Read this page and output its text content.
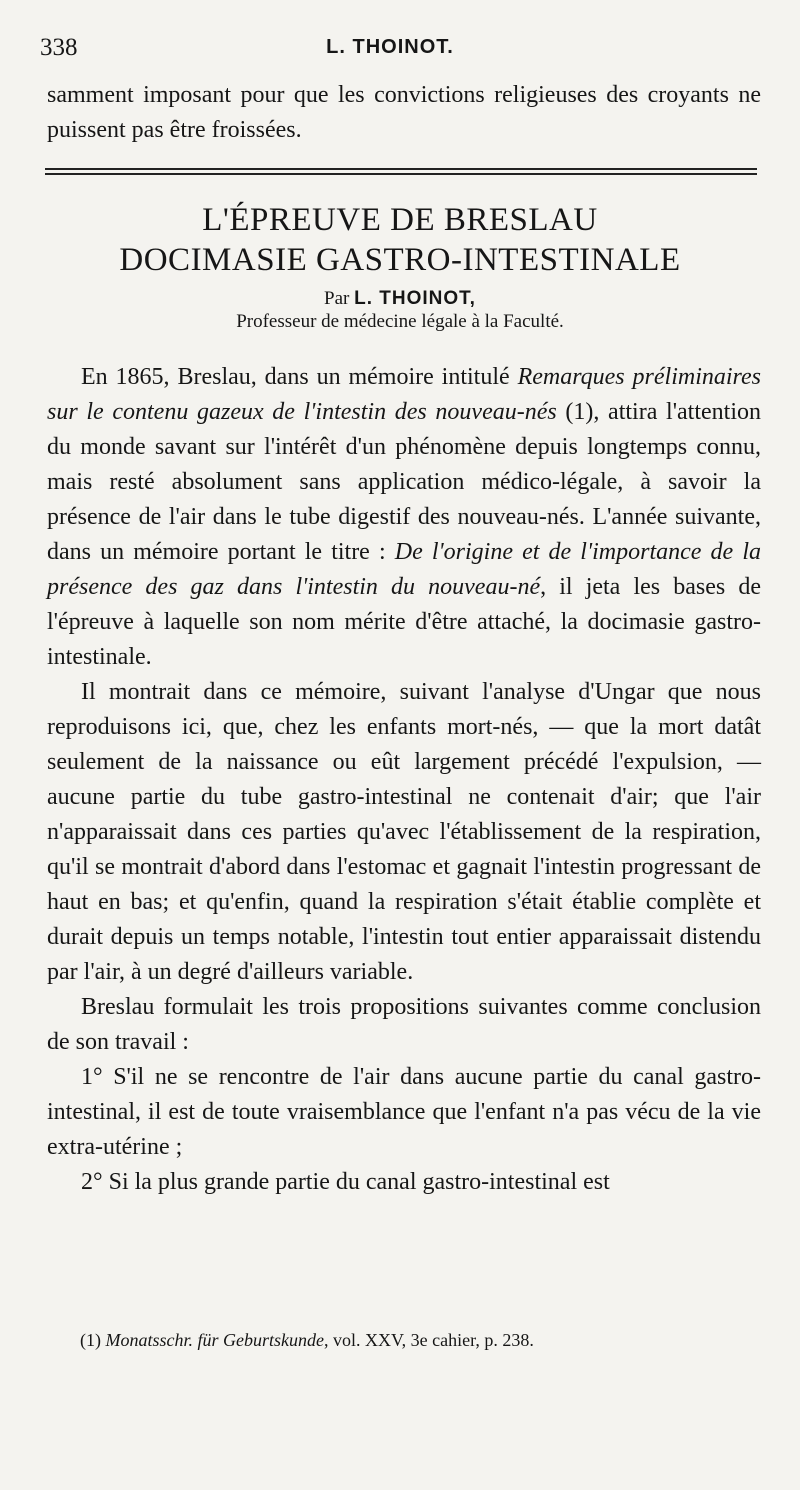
338	L. THOINOT.
samment imposant pour que les convictions religieuses des croyants ne puissent pas être froissées.
L'ÉPREUVE DE BRESLAU
DOCIMASIE GASTRO-INTESTINALE
Par L. THOINOT,
Professeur de médecine légale à la Faculté.

En 1865, Breslau, dans un mémoire intitulé Remarques préliminaires sur le contenu gazeux de l'intestin des nouveau-nés (1), attira l'attention du monde savant sur l'intérêt d'un phénomène depuis longtemps connu, mais resté absolument sans application médico-légale, à savoir la présence de l'air dans le tube digestif des nouveau-nés. L'année suivante, dans un mémoire portant le titre : De l'origine et de l'importance de la présence des gaz dans l'intestin du nouveau-né, il jeta les bases de l'épreuve à laquelle son nom mérite d'être attaché, la docimasie gastro-intestinale.

Il montrait dans ce mémoire, suivant l'analyse d'Ungar que nous reproduisons ici, que, chez les enfants mort-nés, — que la mort datât seulement de la naissance ou eût largement précédé l'expulsion, — aucune partie du tube gastro-intestinal ne contenait d'air; que l'air n'apparaissait dans ces parties qu'avec l'établissement de la respiration, qu'il se montrait d'abord dans l'estomac et gagnait l'intestin progressant de haut en bas; et qu'enfin, quand la respiration s'était établie complète et durait depuis un temps notable, l'intestin tout entier apparaissait distendu par l'air, à un degré d'ailleurs variable.

Breslau formulait les trois propositions suivantes comme conclusion de son travail :

1° S'il ne se rencontre de l'air dans aucune partie du canal gastro-intestinal, il est de toute vraisemblance que l'enfant n'a pas vécu de la vie extra-utérine ;

2° Si la plus grande partie du canal gastro-intestinal est

(1) Monatsschr. für Geburtskunde, vol. XXV, 3e cahier, p. 238.
